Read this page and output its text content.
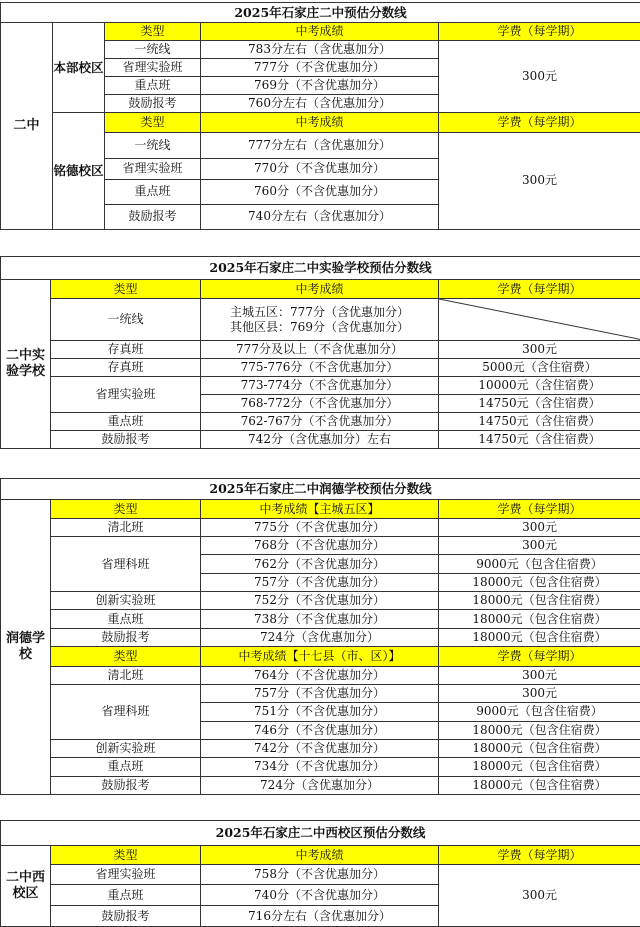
2025年石家庄二中预估分数线				
二中	本部校区	类型	中考成绩	学费（每学期）
		一统线	783分左右（含优惠加分）	300元
		省理实验班	777分（不含优惠加分）	
		重点班	769分（不含优惠加分）	
		鼓励报考	760分左右（含优惠加分）	
	铭德校区	类型	中考成绩	学费（每学期）
		一统线	777分左右（含优惠加分）	300元
		省理实验班	770分（不含优惠加分）	
		重点班	760分（不含优惠加分）	
		鼓励报考	740分左右（含优惠加分）	
2025年石家庄二中实验学校预估分数线			
二中实验学校	类型	中考成绩	学费（每学期）
	一统线	主城五区：777分（含优惠加分）
其他区县：769分（含优惠加分）

	存真班	777分及以上（不含优惠加分）	300元
	存真班	775-776分（不含优惠加分）	5000元（含住宿费）
	省理实验班	773-774分（不含优惠加分）	10000元（含住宿费）
		768-772分（不含优惠加分）	14750元（含住宿费）
	重点班	762-767分（不含优惠加分）	14750元（含住宿费）
	鼓励报考	742分（含优惠加分）左右	14750元（含住宿费）
2025年石家庄二中润德学校预估分数线			
润德学校	类型	中考成绩【主城五区】	学费（每学期）
	清北班	775分（不含优惠加分）	300元
	省理科班	768分（不含优惠加分）	300元
		762分（不含优惠加分）	9000元（包含住宿费）
		757分（不含优惠加分）	18000元（包含住宿费）
	创新实验班	752分（不含优惠加分）	18000元（包含住宿费）
	重点班	738分（不含优惠加分）	18000元（包含住宿费）
	鼓励报考	724分（含优惠加分）	18000元（包含住宿费）
	类型	中考成绩【十七县（市、区）】	学费（每学期）
	清北班	764分（不含优惠加分）	300元
	省理科班	757分（不含优惠加分）	300元
		751分（不含优惠加分）	9000元（包含住宿费）
		746分（不含优惠加分）	18000元（包含住宿费）
	创新实验班	742分（不含优惠加分）	18000元（包含住宿费）
	重点班	734分（不含优惠加分）	18000元（包含住宿费）
	鼓励报考	724分（含优惠加分）	18000元（包含住宿费）
2025年石家庄二中西校区预估分数线			
二中西校区	类型	中考成绩	学费（每学期）
	省理实验班	758分（不含优惠加分）	300元
	重点班	740分（不含优惠加分）	
	鼓励报考	716分左右（含优惠加分）	
